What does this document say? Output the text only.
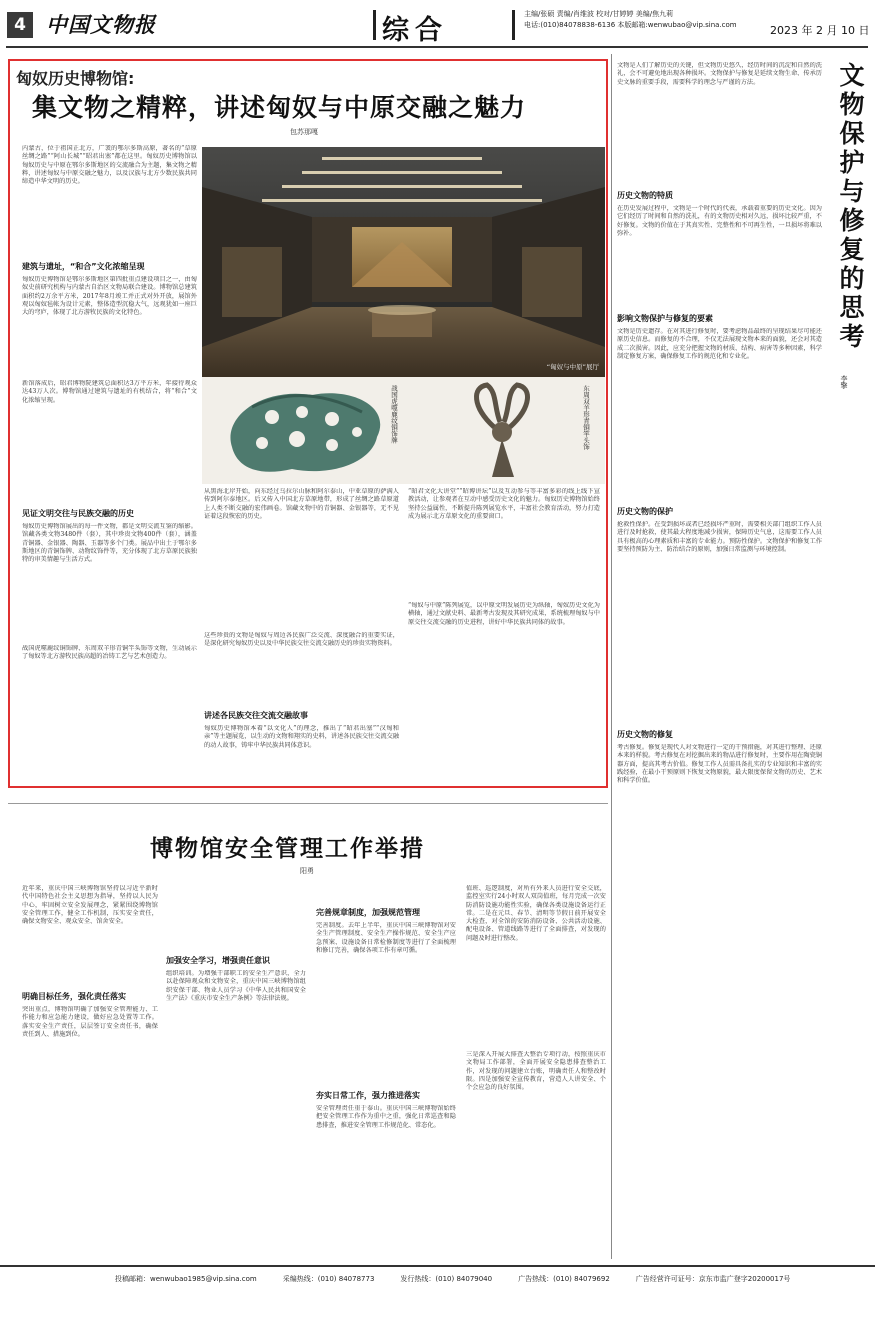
4 中国文物报	综合
主编/张硕 责编/肖维波 校对/甘婷婷 美编/焦九莉
电话:(010)84078838-6136 本版邮箱:wenwubao@vip.sina.com	2023 年 2 月 10 日
匈奴历史博物馆:
集文物之精粹，讲述匈奴与中原交融之魅力
包苏那嘎
内蒙古，位于祖国正北方，广袤的鄂尔多斯高原，著名的“草原丝绸之路”“阿山长城”“昭君出塞”都在这里。匈奴历史博物馆以匈奴历史与中原在鄂尔多斯地区的交流融合为主题，集文物之精粹，讲述匈奴与中原交融之魅力，以及汉族与北方少数民族共同缔造中华文明的历史。
建筑与遗址，“和合”文化浓缩呈现
匈奴历史博物馆是鄂尔多斯地区第四批重点建设项目之一，由匈奴史前研究机构与内蒙古自治区文物局联合建设。博物馆总建筑面积约2万余平方米，2017年8月竣工并正式对外开放，展馆外观以匈奴毡帐为设计元素，整体造型沉稳大气，远观犹如一座巨大的穹庐，体现了北方游牧民族的文化特色。
新馆落成后，昭君博物院建筑总面积达3万平方米，年接待观众达43万人次。博物馆通过建筑与遗址的有机结合，将“和合”文化浓缩呈现。
见证文明交往与民族交融的历史
匈奴历史博物馆展出的每一件文物，都是文明交流互鉴的缩影。馆藏各类文物3480件（套），其中珍贵文物400件（套），涵盖青铜器、金银器、陶器、玉器等多个门类。展品中出土于鄂尔多斯地区的青铜饰牌、动物纹饰件等，充分体现了北方草原民族独特的审美情趣与生活方式。
战国虎噬鹿纹铜饰牌、东周双羊形青铜竿头饰等文物，生动展示了匈奴等北方游牧民族高超的冶铸工艺与艺术创造力。
“匈奴与中原”展厅
战国虎噬鹿纹铜饰牌	东周双羊形青铜竿头饰
从黑海北岸开始，向东经过乌拉尔山脉和阿尔泰山，中亚草原的萨满人传到阿尔泰地区。后又传入中国北方草原地带，形成了丝绸之路草原道上人类不断交融的宏伟画卷。馆藏文物中的青铜器、金银器等，无不见证着这段恢宏的历史。
这些珍贵的文物是匈奴与周边各民族广泛交流、深度融合的重要实证，是深化研究匈奴历史以及中华民族交往交流交融历史的珍贵实物资料。
讲述各民族交往交流交融故事
匈奴历史博物馆本着“以文化人”的理念，推出了“昭君出塞”“汉匈和亲”等主题展览，以生动的文物和翔实的史料，讲述各民族交往交流交融的动人故事，铸牢中华民族共同体意识。
“昭君文化大讲堂”“昭博讲坛”以及互动参与等丰富多彩的线上线下宣教活动，让参观者在互动中感受历史文化的魅力。匈奴历史博物馆始终坚持公益属性，不断提升陈列展览水平，丰富社会教育活动，努力打造成为展示北方草原文化的重要窗口。
“匈奴与中原”陈列展览，以中原文明发展历史为纵轴，匈奴历史文化为横轴，通过文献史料、最新考古发现及其研究成果，系统梳理匈奴与中原交往交流交融的历史进程，讲好中华民族共同体的故事。
文物保护与修复的思考
李擎
文物是人们了解历史的关键，但文物历史悠久，经历时间的沉淀和自然的洗礼，会不可避免地出现各种损坏。文物保护与修复是延续文物生命、传承历史文脉的重要手段，需要科学的理念与严谨的方法。
历史文物的特质
在历史发展过程中，文物是一个时代的代表，承载着重要的历史文化。因为它们经历了时间和自然的洗礼，有的文物历史相对久远，损坏比较严重，不好修复。文物的价值在于其真实性、完整性和不可再生性，一旦损坏将难以弥补。
影响文物保护与修复的要素
文物是历史遗存。在对其进行修复时，要考虑物品最终的呈现结果尽可能还原历史信息。而修复的不合理，不仅无法展现文物本来的面貌，还会对其造成二次损害。因此，应充分把握文物的材质、结构、病害等多种因素，科学制定修复方案，确保修复工作的规范化和专业化。
历史文物的保护
抢救性保护。在受到损坏或者已经损坏严重时，需要相关部门组织工作人员进行及时抢救，使其最大程度地减少损害，保障历史气息，这需要工作人员具有极高的心理素质和丰富的专业能力。预防性保护。文物保护和修复工作要坚持预防为主、防治结合的原则，加强日常监测与环境控制。
历史文物的修复
考古修复。修复是现代人对文物进行一定的干预措施，对其进行整理、还原本来的样貌。考古修复在对挖掘出来的物品进行修复时，主要作用在陶瓷铜器方面，提高其考古价值。修复工作人员需具备扎实的专业知识和丰富的实践经验，在最小干预原则下恢复文物原貌，最大限度保留文物的历史、艺术和科学价值。
博物馆安全管理工作举措
阳勇
近年来，重庆中国三峡博物馆坚持以习近平新时代中国特色社会主义思想为指导，坚持以人民为中心，牢固树立安全发展理念，紧紧围绕博物馆安全管理工作，健全工作机制，压实安全责任，确保文物安全、观众安全、馆舍安全。
明确目标任务，强化责任落实
突出重点，博物馆明确了加强安全管理能力、工作能力和应急能力建设，做好应急处置等工作。落实安全生产责任，层层签订安全责任书，确保责任到人、措施到位。
加强安全学习，增强责任意识
组织培训。为增强干部职工的安全生产意识，全力以赴保障观众和文物安全，重庆中国三峡博物馆组织安保干部、物业人员学习《中华人民共和国安全生产法》《重庆市安全生产条例》等法律法规。
完善规章制度，加强规范管理
完善制度。去年上半年，重庆中国三峡博物馆对安全生产管理制度、安全生产操作规范、安全生产应急预案、设施设备日常检修制度等进行了全面梳理和修订完善，确保各项工作有章可循。
夯实日常工作，强力推进落实
安全管理责任重于泰山。重庆中国三峡博物馆始终把安全管理工作作为重中之重，强化日常巡查和隐患排查，推进安全管理工作规范化、常态化。
值班、巡逻制度，对所有外来人员进行安全交底，监控室实行24小时双人双岗值班，每月完成一次安防消防设施功能性实验，确保各类设施设备运行正常。二是在元旦、春节、清明等节假日前开展安全大检查，对全馆的安防消防设备、公共活动设施、配电设备、管道线路等进行了全面排查，对发现的问题及时进行整改。
三是深入开展大排查大整治专项行动，按照重庆市文物局工作部署，全面开展安全隐患排查整治工作，对发现的问题建立台账，明确责任人和整改时限。四是加强安全宣传教育，营造人人讲安全、个个会应急的良好氛围。
投稿邮箱：wenwubao1985@vip.sina.com	采编热线：(010) 84078773	发行热线：(010) 84079040	广告热线：(010) 84079692	广告经营许可证号：京东市监广登字20200017号
